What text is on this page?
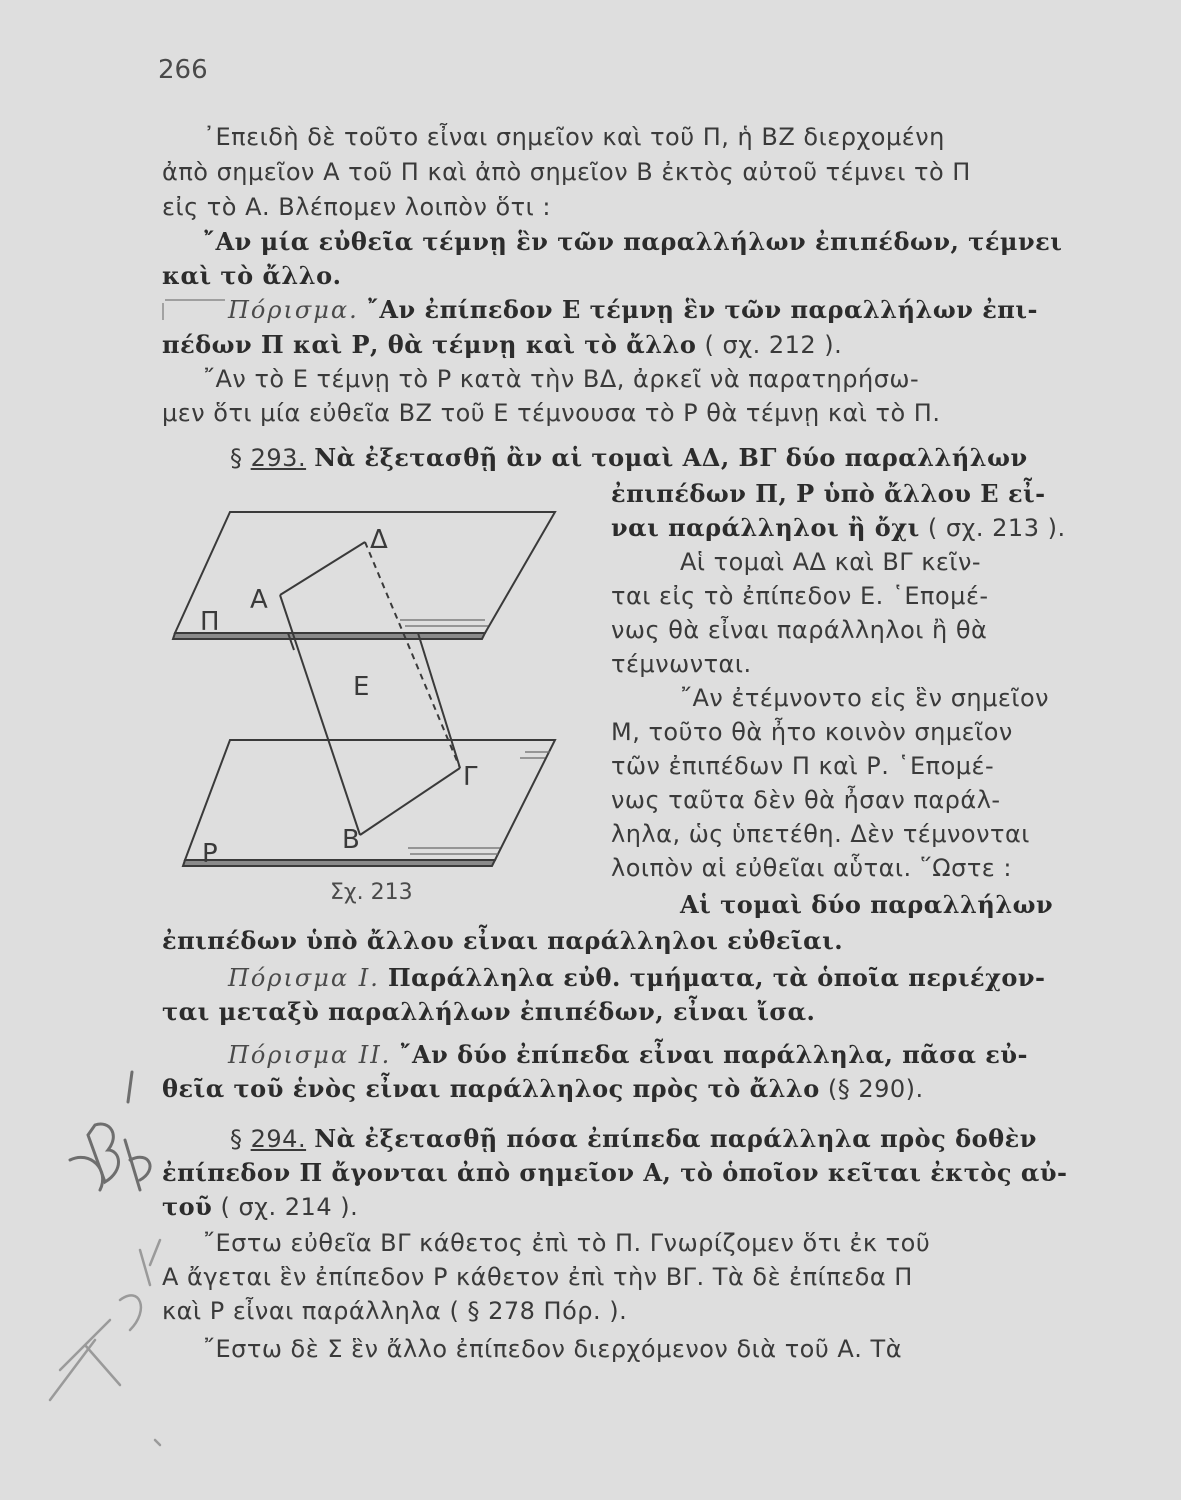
266
᾿Επειδὴ δὲ τοῦτο εἶναι σημεῖον καὶ τοῦ Π, ἡ ΒΖ διερχομένη
ἀπὸ σημεῖον Α τοῦ Π καὶ ἀπὸ σημεῖον Β ἐκτὸς αὐτοῦ τέμνει τὸ Π
εἰς τὸ Α. Βλέπομεν λοιπὸν ὅτι :
῎Αν μία εὐθεῖα τέμνῃ ἓν τῶν παραλλήλων ἐπιπέδων, τέμνει
καὶ τὸ ἄλλο.
Πόρισμα. ῎Αν ἐπίπεδον Ε τέμνῃ ἓν τῶν παραλλήλων ἐπι-
πέδων Π καὶ Ρ, θὰ τέμνῃ καὶ τὸ ἄλλο ( σχ. 212 ).
῎Αν τὸ Ε τέμνῃ τὸ Ρ κατὰ τὴν ΒΔ, ἀρκεῖ νὰ παρατηρήσω-
μεν ὅτι μία εὐθεῖα ΒΖ τοῦ Ε τέμνουσα τὸ Ρ θὰ τέμνῃ καὶ τὸ Π.
§ 293. Νὰ ἐξετασθῇ ἂν αἱ τομαὶ ΑΔ, ΒΓ δύο παραλλήλων
ἐπιπέδων Π, Ρ ὑπὸ ἄλλου Ε εἶ-
ναι παράλληλοι ἢ ὄχι ( σχ. 213 ).
Αἱ τομαὶ ΑΔ καὶ ΒΓ κεῖν-
ται εἰς τὸ ἐπίπεδον Ε. ῾Επομέ-
νως θὰ εἶναι παράλληλοι ἢ θὰ
τέμνωνται.
῎Αν ἐτέμνοντο εἰς ἓν σημεῖον
Μ, τοῦτο θὰ ἦτο κοινὸν σημεῖον
τῶν ἐπιπέδων Π καὶ Ρ. ῾Επομέ-
νως ταῦτα δὲν θὰ ἦσαν παράλ-
ληλα, ὡς ὑπετέθη. Δὲν τέμνονται
λοιπὸν αἱ εὐθεῖαι αὗται. ῞Ωστε :
Αἱ τομαὶ δύο παραλλήλων
ἐπιπέδων ὑπὸ ἄλλου εἶναι παράλληλοι εὐθεῖαι.
Πόρισμα Ι. Παράλληλα εὐθ. τμήματα, τὰ ὁποῖα περιέχον-
ται μεταξὺ παραλλήλων ἐπιπέδων, εἶναι ἴσα.
Πόρισμα ΙΙ. ῎Αν δύο ἐπίπεδα εἶναι παράλληλα, πᾶσα εὐ-
θεῖα τοῦ ἑνὸς εἶναι παράλληλος πρὸς τὸ ἄλλο (§ 290).
§ 294. Νὰ ἐξετασθῇ πόσα ἐπίπεδα παράλληλα πρὸς δοθὲν
ἐπίπεδον Π ἄγονται ἀπὸ σημεῖον Α, τὸ ὁποῖον κεῖται ἐκτὸς αὐ-
τοῦ ( σχ. 214 ).
῎Εστω εὐθεῖα ΒΓ κάθετος ἐπὶ τὸ Π. Γνωρίζομεν ὅτι ἐκ τοῦ
Α ἄγεται ἓν ἐπίπεδον Ρ κάθετον ἐπὶ τὴν ΒΓ. Τὰ δὲ ἐπίπεδα Π
καὶ Ρ εἶναι παράλληλα ( § 278 Πόρ. ).
῎Εστω δὲ Σ ἓν ἄλλο ἐπίπεδον διερχόμενον διὰ τοῦ Α. Τὰ
Δ
Α
Π
Ε
Γ
Β
Ρ
Σχ. 213
